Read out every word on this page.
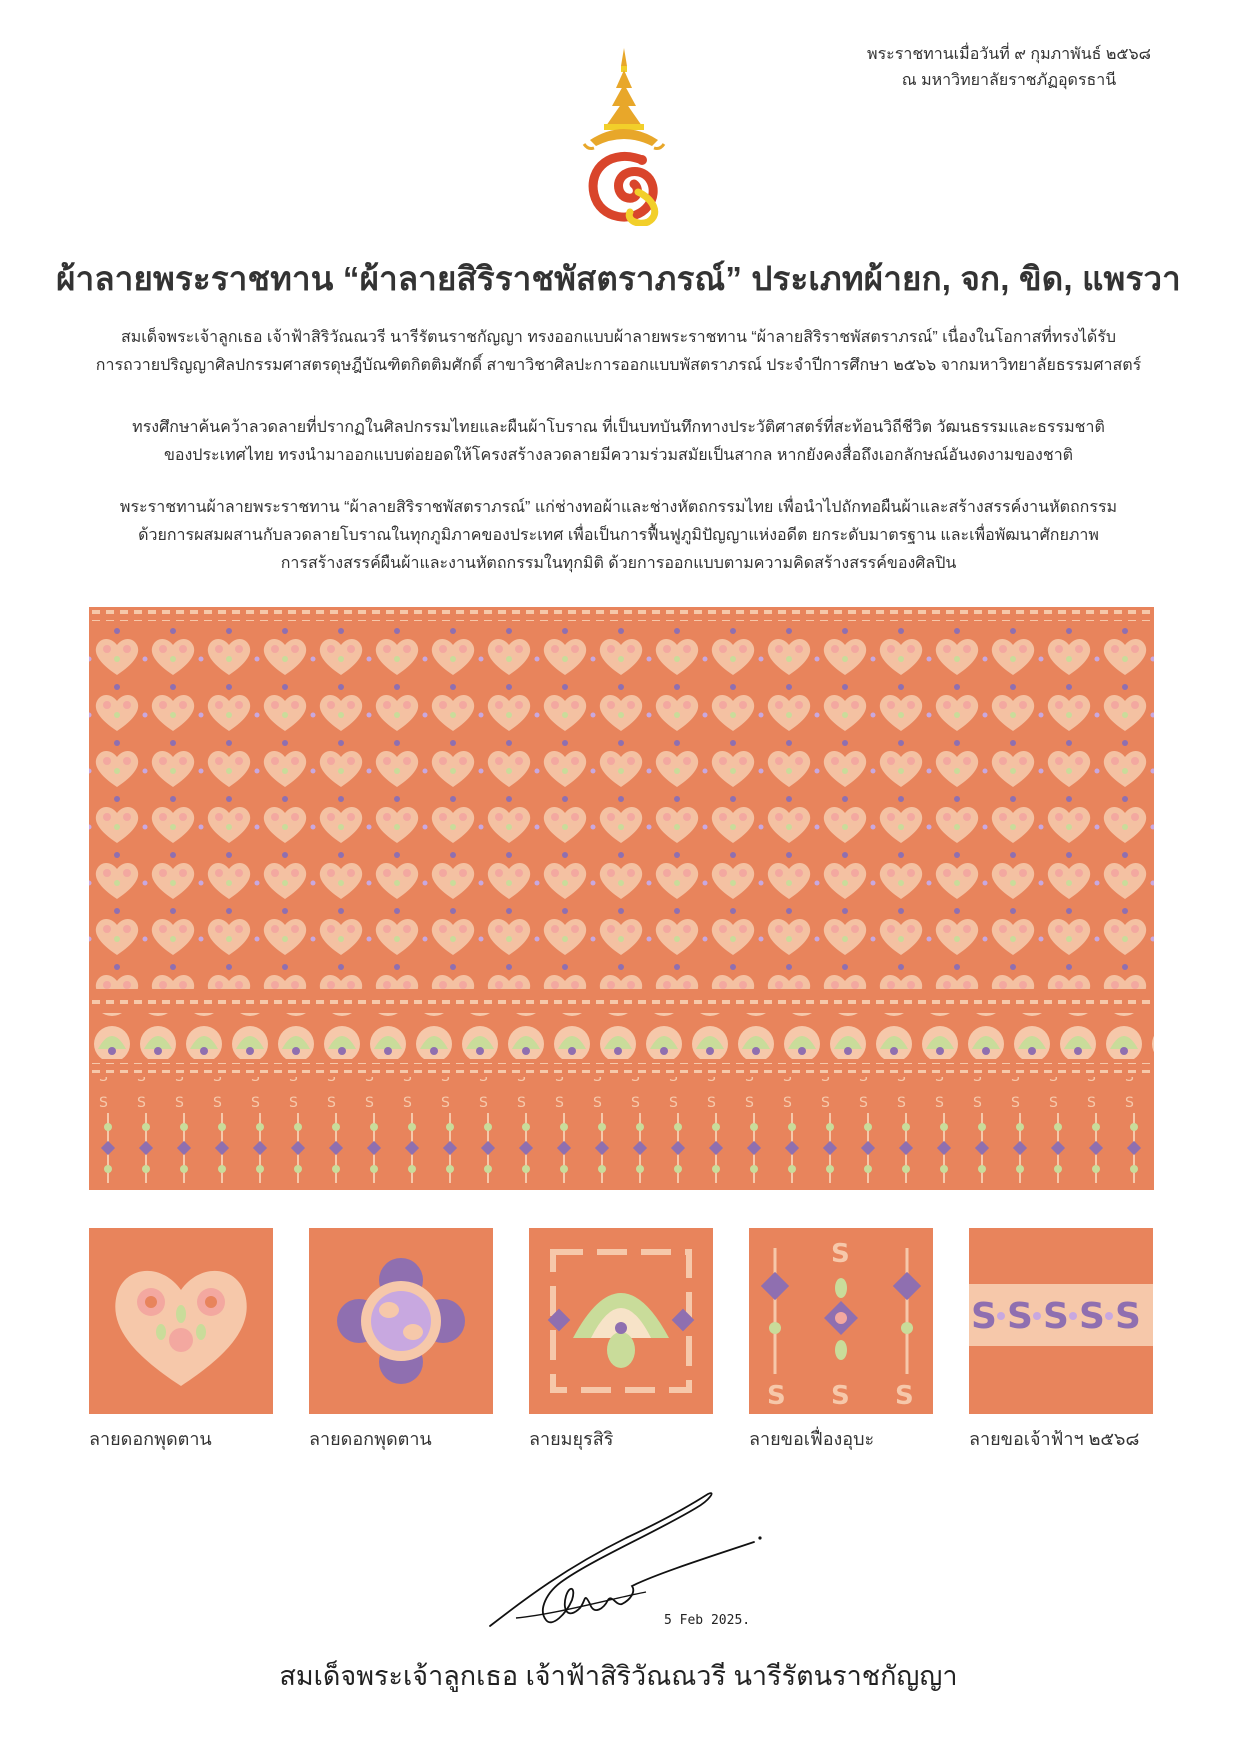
พระราชทานเมื่อวันที่ ๙ กุมภาพันธ์ ๒๕๖๘
ณ มหาวิทยาลัยราชภัฏอุดรธานี
ผ้าลายพระราชทาน “ผ้าลายสิริราชพัสตราภรณ์” ประเภทผ้ายก, จก, ขิด, แพรวา
สมเด็จพระเจ้าลูกเธอ เจ้าฟ้าสิริวัณณวรี นารีรัตนราชกัญญา ทรงออกแบบผ้าลายพระราชทาน “ผ้าลายสิริราชพัสตราภรณ์” เนื่องในโอกาสที่ทรงได้รับ
การถวายปริญญาศิลปกรรมศาสตรดุษฎีบัณฑิตกิตติมศักดิ์ สาขาวิชาศิลปะการออกแบบพัสตราภรณ์ ประจำปีการศึกษา ๒๕๖๖ จากมหาวิทยาลัยธรรมศาสตร์
ทรงศึกษาค้นคว้าลวดลายที่ปรากฏในศิลปกรรมไทยและผืนผ้าโบราณ ที่เป็นบทบันทึกทางประวัติศาสตร์ที่สะท้อนวิถีชีวิต วัฒนธรรมและธรรมชาติ
ของประเทศไทย ทรงนำมาออกแบบต่อยอดให้โครงสร้างลวดลายมีความร่วมสมัยเป็นสากล หากยังคงสื่อถึงเอกลักษณ์อันงดงามของชาติ
พระราชทานผ้าลายพระราชทาน “ผ้าลายสิริราชพัสตราภรณ์” แก่ช่างทอผ้าและช่างหัตถกรรมไทย เพื่อนำไปถักทอผืนผ้าและสร้างสรรค์งานหัตถกรรม
ด้วยการผสมผสานกับลวดลายโบราณในทุกภูมิภาคของประเทศ เพื่อเป็นการฟื้นฟูภูมิปัญญาแห่งอดีต ยกระดับมาตรฐาน และเพื่อพัฒนาศักยภาพ
การสร้างสรรค์ผืนผ้าและงานหัตถกรรมในทุกมิติ ด้วยการออกแบบตามความคิดสร้างสรรค์ของศิลปิน
S
S
S	S
S S S S S
ลายดอกพุดตาน	ลายดอกพุดตาน	ลายมยุรสิริ	ลายขอเฟื่องอุบะ	ลายขอเจ้าฟ้าฯ ๒๕๖๘
5 Feb 2025.
สมเด็จพระเจ้าลูกเธอ เจ้าฟ้าสิริวัณณวรี นารีรัตนราชกัญญา
